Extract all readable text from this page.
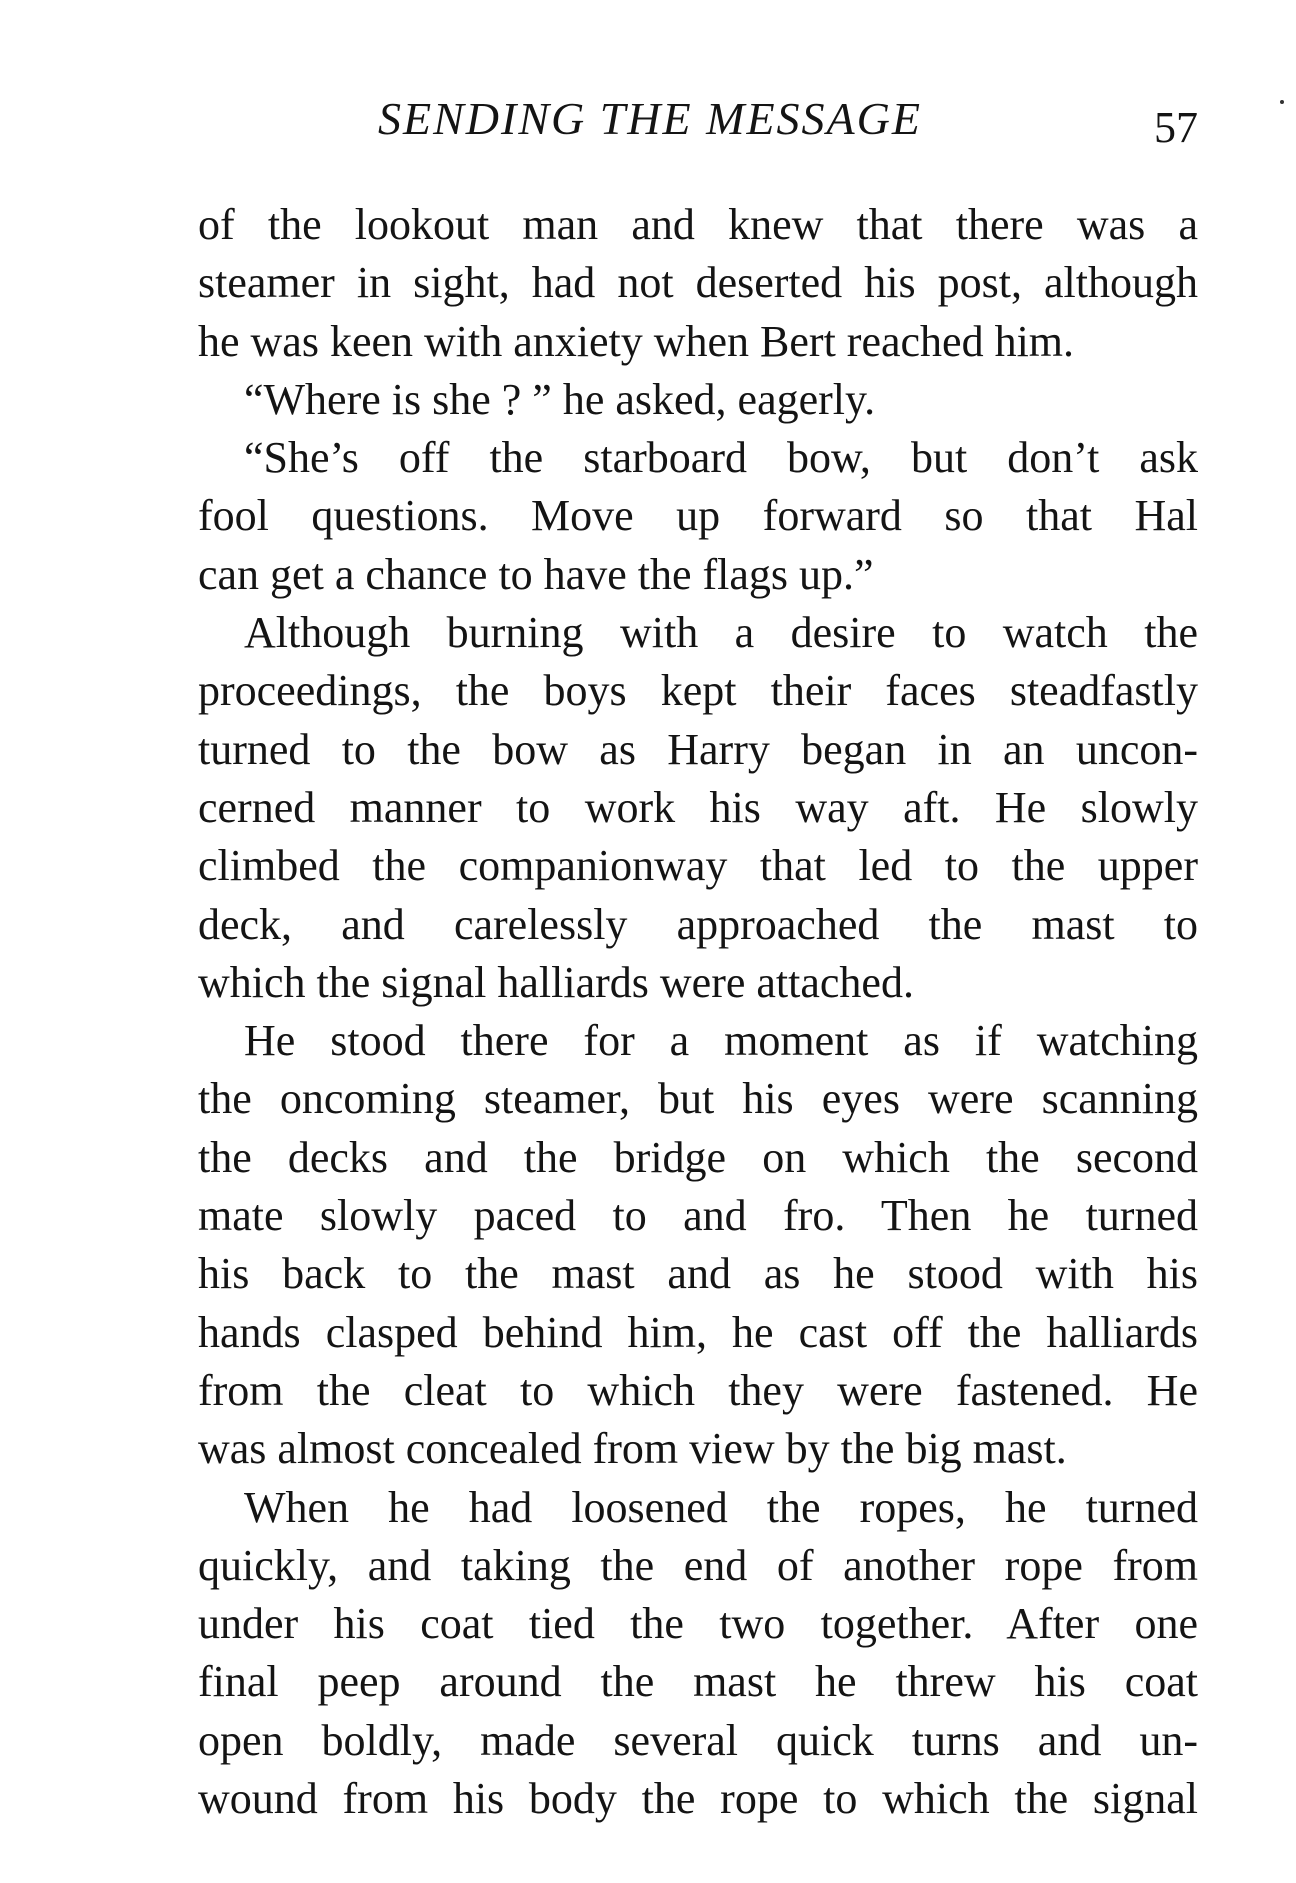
SENDING THE MESSAGE	57
of the lookout man and knew that there was a
steamer in sight, had not deserted his post, although
he was keen with anxiety when Bert reached him.
“Where is she ? ” he asked, eagerly.
“She’s off the starboard bow, but don’t ask
fool questions. Move up forward so that Hal
can get a chance to have the flags up.”
Although burning with a desire to watch the
proceedings, the boys kept their faces steadfastly
turned to the bow as Harry began in an uncon-
cerned manner to work his way aft. He slowly
climbed the companionway that led to the upper
deck, and carelessly approached the mast to
which the signal halliards were attached.
He stood there for a moment as if watching
the oncoming steamer, but his eyes were scanning
the decks and the bridge on which the second
mate slowly paced to and fro. Then he turned
his back to the mast and as he stood with his
hands clasped behind him, he cast off the halliards
from the cleat to which they were fastened. He
was almost concealed from view by the big mast.
When he had loosened the ropes, he turned
quickly, and taking the end of another rope from
under his coat tied the two together. After one
final peep around the mast he threw his coat
open boldly, made several quick turns and un-
wound from his body the rope to which the signal
